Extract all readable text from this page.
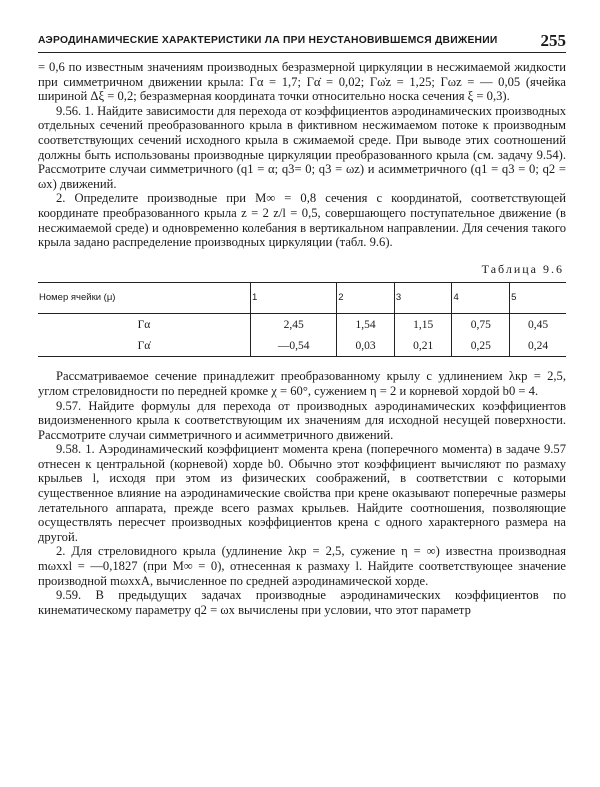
АЭРОДИНАМИЧЕСКИЕ ХАРАКТЕРИСТИКИ ЛА ПРИ НЕУСТАНОВИВШЕМСЯ ДВИЖЕНИИ	255

= 0,6 по известным значениям производных безразмерной циркуляции в несжимаемой жидкости при симметричном движении крыла: Γα = 1,7; Γα̇ = 0,02; Γω̇z = 1,25; Γωz = — 0,05 (ячейка шириной Δξ = 0,2; безразмерная координата точки относительно носка сечения ξ = 0,3).

9.56. 1. Найдите зависимости для перехода от коэффициентов аэродинамических производных отдельных сечений преобразованного крыла в фиктивном несжимаемом потоке к производным соответствующих сечений исходного крыла в сжимаемой среде. При выводе этих соотношений должны быть использованы производные циркуляции преобразованного крыла (см. задачу 9.54). Рассмотрите случаи симметричного (q1 = α; q3= 0; q3 = ωz) и асимметричного (q1 = q3 = 0; q2 = ωx) движений.

2. Определите производные при M∞ = 0,8 сечения с координатой, соответствующей координате преобразованного крыла z = 2 z/l = 0,5, совершающего поступательное движение (в несжимаемой среде) и одновременно колебания в вертикальном направлении. Для сечения такого крыла задано распределение производных циркуляции (табл. 9.6).

Таблица 9.6
Номер ячейки (μ)	1	2	3	4	5
Γα	2,45	1,54	1,15	0,75	0,45
Γα̇	—0,54	0,03	0,21	0,25	0,24

Рассматриваемое сечение принадлежит преобразованному крылу с удлинением λкр = 2,5, углом стреловидности по передней кромке χ = 60°, сужением η = 2 и корневой хордой b0 = 4.

9.57. Найдите формулы для перехода от производных аэродинамических коэффициентов видоизмененного крыла к соответствующим их значениям для исходной несущей поверхности. Рассмотрите случаи симметричного и асимметричного движений.

9.58. 1. Аэродинамический коэффициент момента крена (поперечного момента) в задаче 9.57 отнесен к центральной (корневой) хорде b0. Обычно этот коэффициент вычисляют по размаху крыльев l, исходя при этом из физических соображений, в соответствии с которыми существенное влияние на аэродинамические свойства при крене оказывают поперечные размеры летательного аппарата, прежде всего размах крыльев. Найдите соотношения, позволяющие осуществлять пересчет производных коэффициентов крена с одного характерного размера на другой.

2. Для стреловидного крыла (удлинение λкр = 2,5, сужение η = ∞) известна производная mωxxl = —0,1827 (при M∞ = 0), отнесенная к размаху l. Найдите соответствующее значение производной mωxxA, вычисленное по средней аэродинамической хорде.

9.59. В предыдущих задачах производные аэродинамических коэффициентов по кинематическому параметру q2 = ωx вычислены при условии, что этот параметр
